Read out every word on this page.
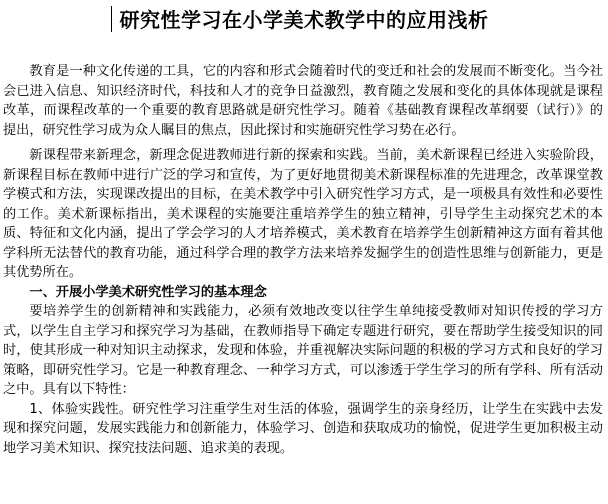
研究性学习在小学美术教学中的应用浅析

教育是一种文化传递的工具，它的内容和形式会随着时代的变迁和社会的发展而不断变化。当今社会已进入信息、知识经济时代，科技和人才的竞争日益激烈，教育随之发展和变化的具体体现就是课程改革，而课程改革的一个重要的教育思路就是研究性学习。随着《基础教育课程改革纲要（试行）》的提出，研究性学习成为众人瞩目的焦点，因此探讨和实施研究性学习势在必行。

新课程带来新理念，新理念促进教师进行新的探索和实践。当前，美术新课程已经进入实验阶段，新课程目标在教师中进行广泛的学习和宣传，为了更好地贯彻美术新课程标准的先进理念，改革课堂教学模式和方法，实现课改提出的目标，在美术教学中引入研究性学习方式，是一项极具有效性和必要性的工作。美术新课标指出，美术课程的实施要注重培养学生的独立精神，引导学生主动探究艺术的本质、特征和文化内涵，提出了学会学习的人才培养模式，美术教育在培养学生创新精神这方面有着其他学科所无法替代的教育功能，通过科学合理的教学方法来培养发掘学生的创造性思维与创新能力，更是其优势所在。

一、开展小学美术研究性学习的基本理念

要培养学生的创新精神和实践能力，必须有效地改变以往学生单纯接受教师对知识传授的学习方式，以学生自主学习和探究学习为基础，在教师指导下确定专题进行研究，要在帮助学生接受知识的同时，使其形成一种对知识主动探求，发现和体验，并重视解决实际问题的积极的学习方式和良好的学习策略，即研究性学习。它是一种教育理念、一种学习方式，可以渗透于学生学习的所有学科、所有活动之中。具有以下特性：

1、体验实践性。研究性学习注重学生对生活的体验，强调学生的亲身经历，让学生在实践中去发现和探究问题，发展实践能力和创新能力，体验学习、创造和获取成功的愉悦，促进学生更加积极主动地学习美术知识、探究技法问题、追求美的表现。
